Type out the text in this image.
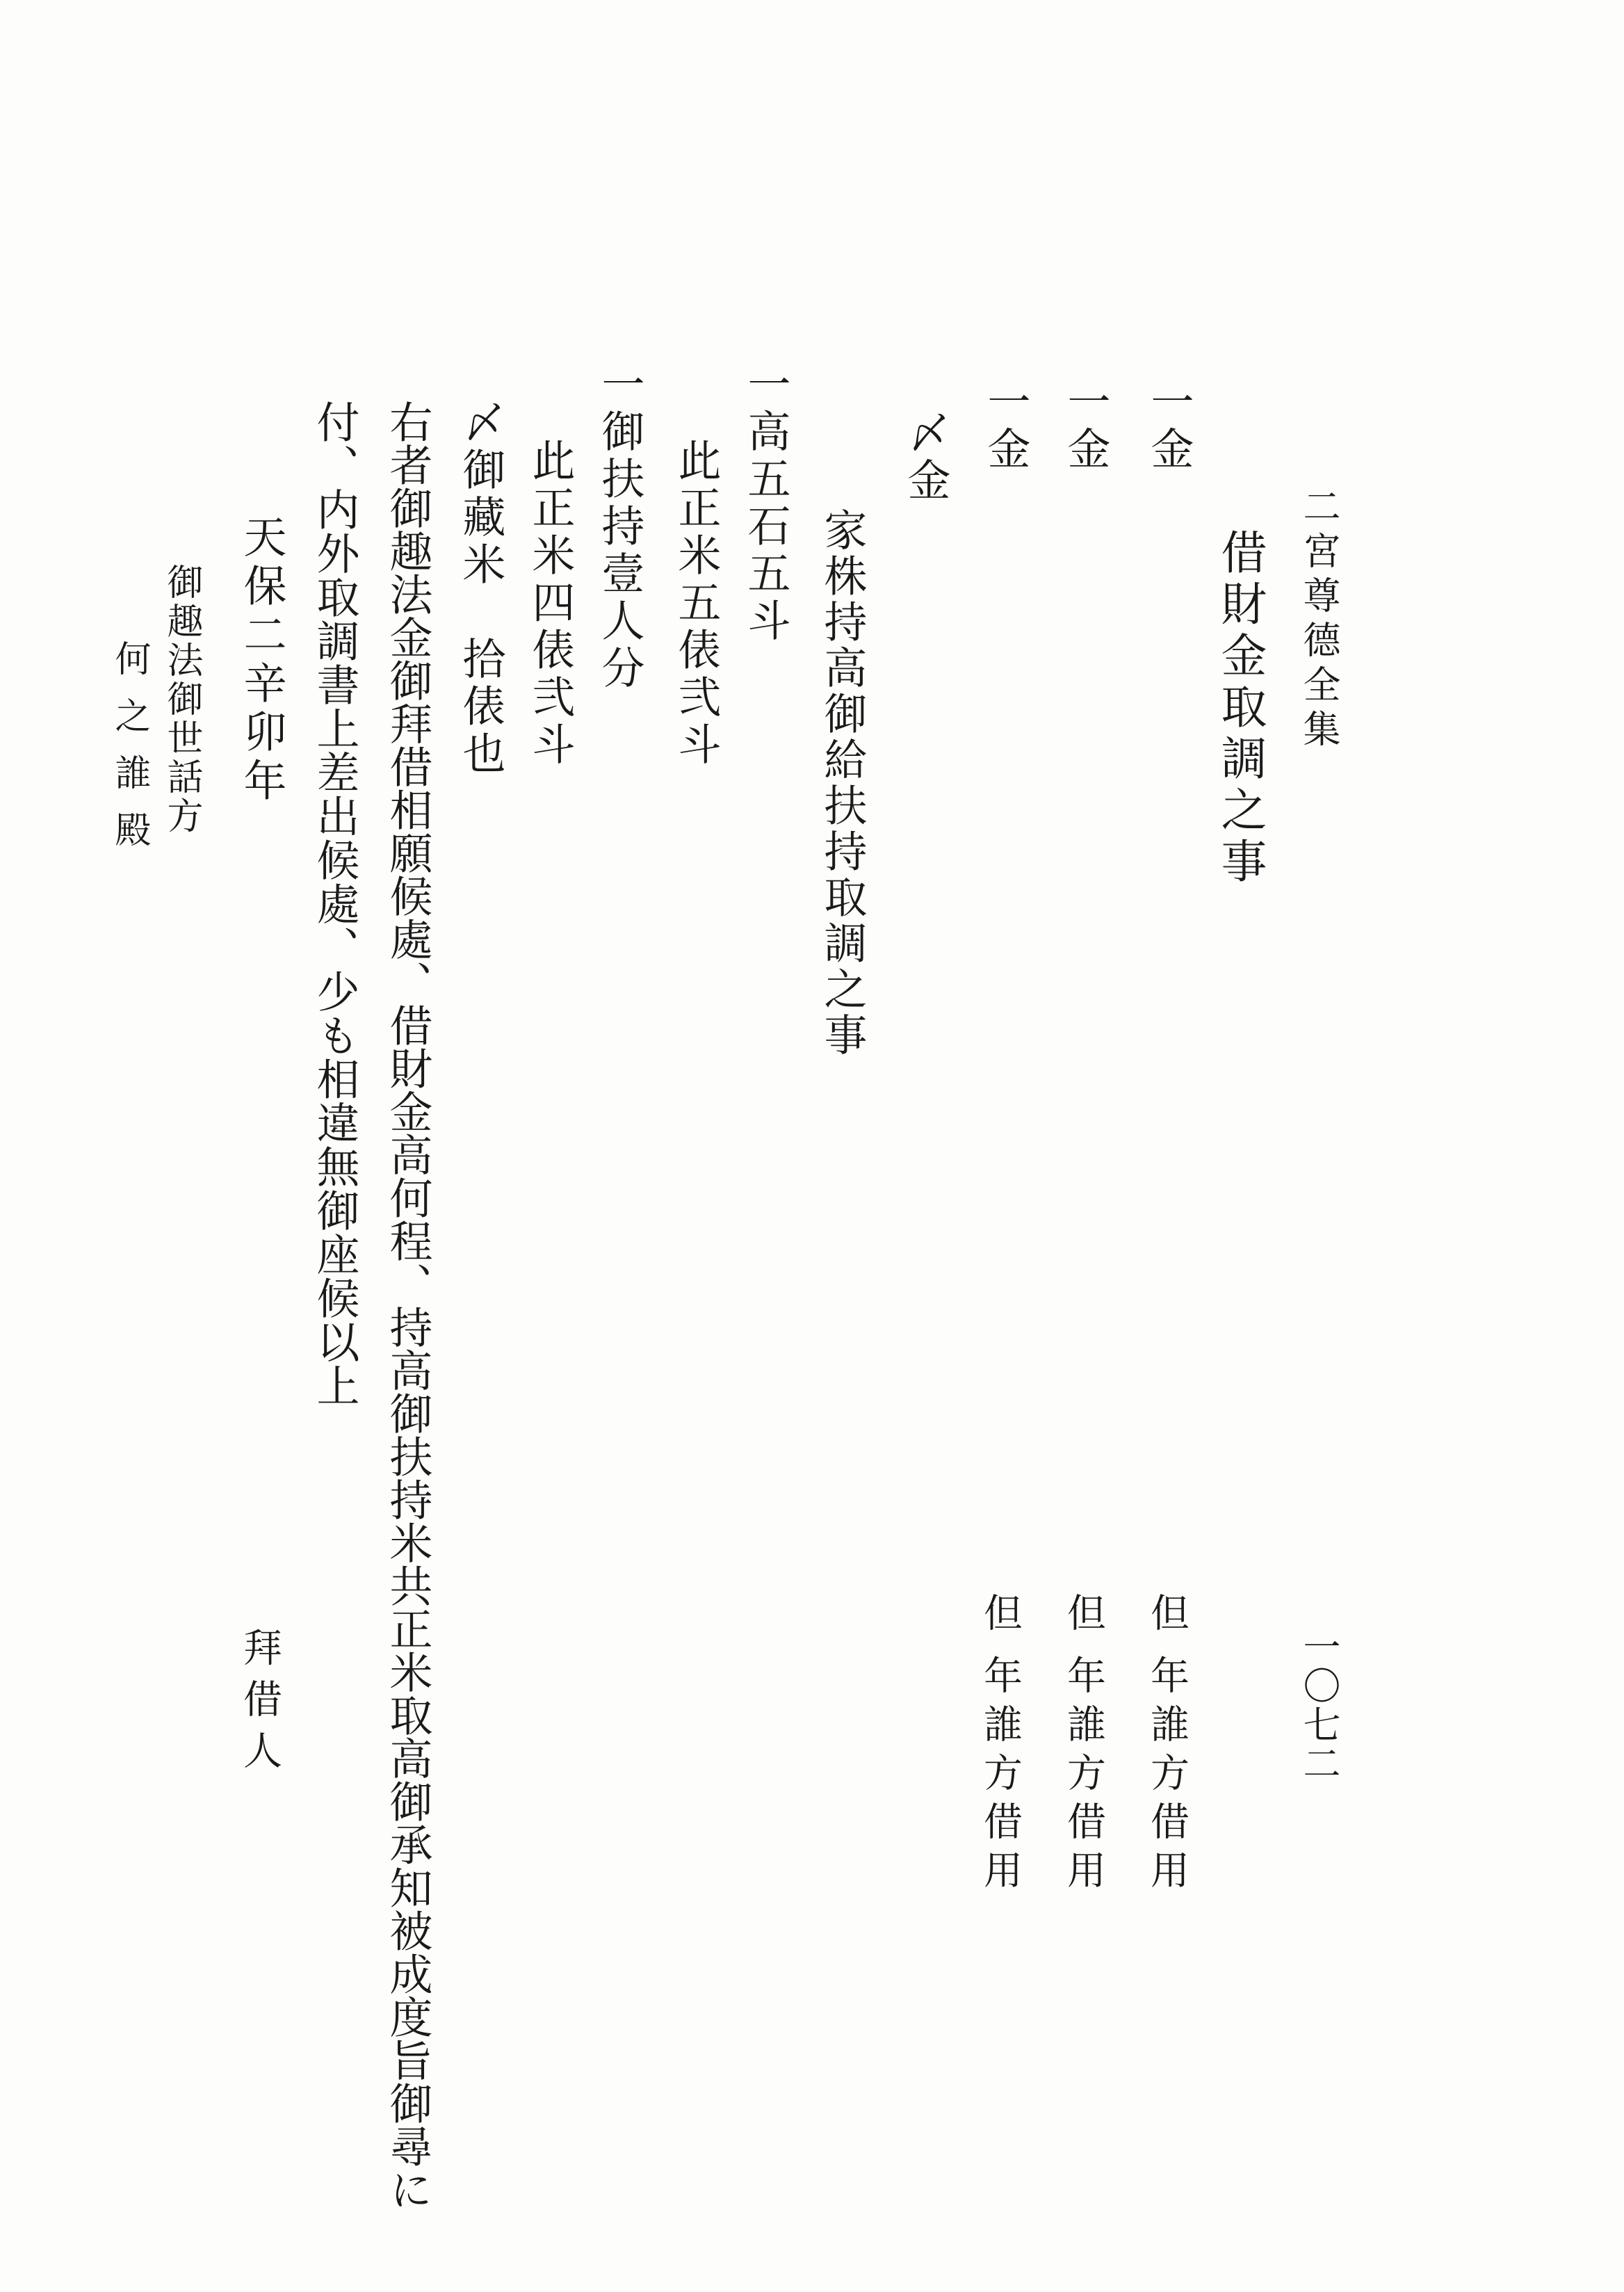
二宮尊德全集
一〇七二
借財金取調之事
一金
一金
一金
〆金
但
年誰方借用
但
年誰方借用
但
年誰方借用
家株持高御給扶持取調之事
一高五石五斗
此正米五俵弐斗
一御扶持壹人分
此正米四俵弐斗
〆御藏米　拾俵也
右者御趣法金御拜借相願候處、借財金高何程、持高御扶持米共正米取高御承知被成度旨御尋に
付、内外取調書上差出候處、少も相違無御座候以上
天保二辛卯年
拜借人
御趣法御世話方
何之誰殿
